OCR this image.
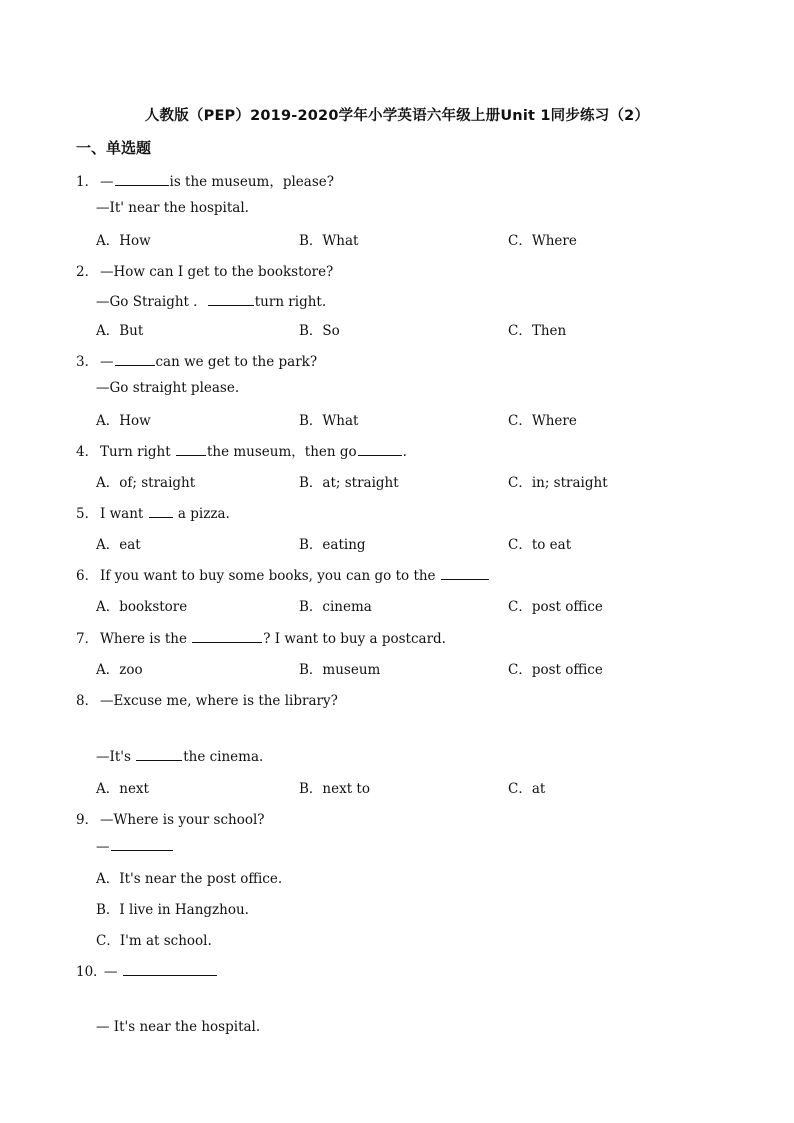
人教版（PEP）2019-2020学年小学英语六年级上册Unit 1同步练习（2）
一、单选题
1． —	is the museum，please?
—It' near the hospital.
A．How	B．What	C．Where
2． —How can I get to the bookstore?
—Go Straight ．	turn right.
A．But	B．So	C．Then
3． —	can we get to the park?
—Go straight please.
A．How	B．What	C．Where
4． Turn right the museum，then go	.
A．of; straight	B．at; straight	C．in; straight
5． I want  a pizza.
A．eat	B．eating	C．to eat
6． If you want to buy some books, you can go to the
A．bookstore	B．cinema	C．post office
7． Where is the	? I want to buy a postcard.
A．zoo	B．museum	C．post office
8． —Excuse me, where is the library?
—It's	the cinema.
A．next	B．next to	C．at
9． —Where is your school?
—
A．It's near the post office.
B．I live in Hangzhou.
C．I'm at school.
10．—
— It's near the hospital.
